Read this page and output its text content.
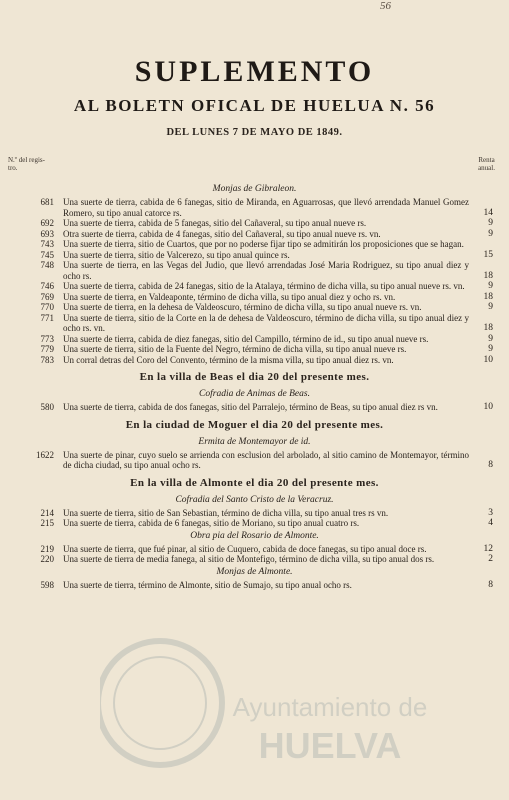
56
SUPLEMENTO
AL BOLETN OFICAL DE HUELUA N. 56
DEL LUNES 7 DE MAYO DE 1849.
N.º del regis-
tro.
Renta
anual.
Monjas de Gibraleon.
681 Una suerte de tierra, cabida de 6 fanegas, sitio de Miranda, en Aguarrosas, que llevó arrendada Manuel Gomez Romero, su tipo anual catorce rs.	14
692 Una suerte de tierra, cabida de 5 fanegas, sitio del Cañaveral, su tipo anual nueve rs.	9
693 Otra suerte de tierra, cabida de 4 fanegas, sitio del Cañaveral, su tipo anual nueve rs. vn.	9
743 Una suerte de tierra, sitio de Cuartos, que por no poderse fijar tipo se admitirán los proposiciones que se hagan.
745 Una suerte de tierra, sitio de Valcerezo, su tipo anual quince rs.	15
748 Una suerte de tierra, en las Vegas del Judio, que llevó arrendadas José Maria Rodriguez, su tipo anual diez y ocho rs.	18
746 Una suerte de tierra, cabida de 24 fanegas, sitio de la Atalaya, término de dicha villa, su tipo anual nueve rs. vn.	9
769 Una suerte de tierra, en Valdeaponte, término de dicha villa, su tipo anual diez y ocho rs. vn.	18
770 Una suerte de tierra, en la dehesa de Valdeoscuro, término de dicha villa, su tipo anual nueve rs. vn.	9
771 Una suerte de tierra, sitio de la Corte en la de dehesa de Valdeoscuro, término de dicha villa, su tipo anual diez y ocho rs. vn.	18
773 Una suerte de tierra, cabida de diez fanegas, sitio del Campillo, término de id., su tipo anual nueve rs.	9
779 Una suerte de tierra, sitio de la Fuente del Negro, término de dicha villa, su tipo anual nueve rs.	9
783 Un corral detras del Coro del Convento, término de la misma villa, su tipo anual diez rs. vn.	10
En la villa de Beas el dia 20 del presente mes.
Cofradia de Animas de Beas.
580 Una suerte de tierra, cabida de dos fanegas, sitio del Parralejo, término de Beas, su tipo anual diez rs vn.	10
En la ciudad de Moguer el dia 20 del presente mes.
Ermita de Montemayor de id.
1622 Una suerte de pinar, cuyo suelo se arrienda con esclusion del arbolado, al sitio camino de Montemayor, término de dicha ciudad, su tipo anual ocho rs.	8
En la villa de Almonte el dia 20 del presente mes.
Cofradia del Santo Cristo de la Veracruz.
214 Una suerte de tierra, sitio de San Sebastian, término de dicha villa, su tipo anual tres rs vn.	3
215 Una suerte de tierra, cabida de 6 fanegas, sitio de Moriano, su tipo anual cuatro rs.	4
Obra pia del Rosario de Almonte.
219 Una suerte de tierra, que fué pinar, al sitio de Cuquero, cabida de doce fanegas, su tipo anual doce rs.	12
220 Una suerte de tierra de media fanega, al sitio de Montefigo, término de dicha villa, su tipo anual dos rs.	2
Monjas de Almonte.
598 Una suerte de tierra, término de Almonte, sitio de Sumajo, su tipo anual ocho rs.	8
Ayuntamiento de
HUELVA
